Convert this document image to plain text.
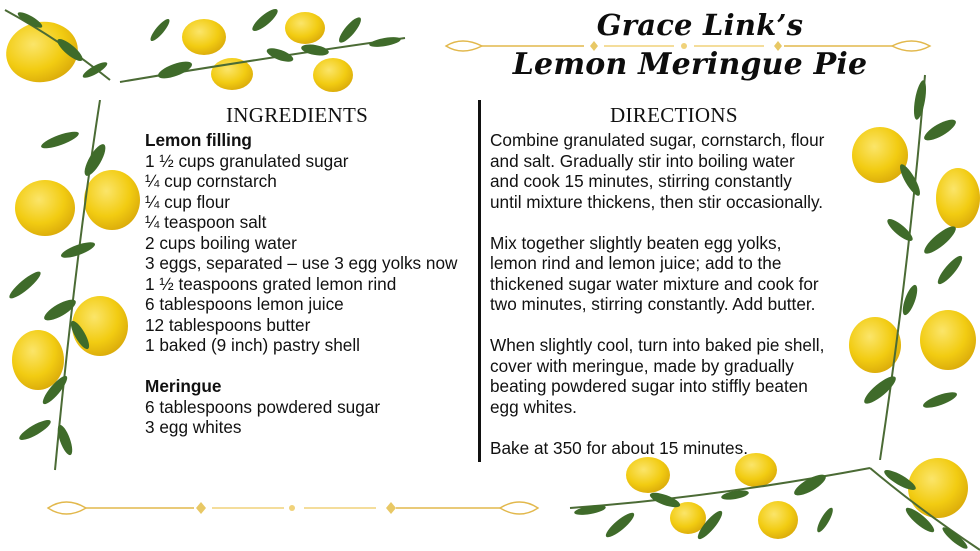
Grace Link’s
Lemon Meringue Pie
INGREDIENTS
Lemon filling
1 ½ cups granulated sugar
¼ cup cornstarch
¼ cup flour
¼ teaspoon salt
2 cups boiling water
3 eggs, separated – use 3 egg yolks now
1 ½ teaspoons grated lemon rind
6 tablespoons lemon juice
12 tablespoons butter
1 baked (9 inch) pastry shell
Meringue
6 tablespoons powdered sugar
3 egg whites
DIRECTIONS
Combine granulated sugar, cornstarch, flour
and salt. Gradually stir into boiling water
and cook 15 minutes, stirring constantly
until mixture thickens, then stir occasionally.
Mix together slightly beaten egg yolks,
lemon rind and lemon juice; add to the
thickened sugar water mixture and cook for
two minutes, stirring constantly. Add butter.
When slightly cool, turn into baked pie shell,
cover with meringue, made by gradually
beating powdered sugar into stiffly beaten
egg whites.
Bake at 350 for about 15 minutes.
